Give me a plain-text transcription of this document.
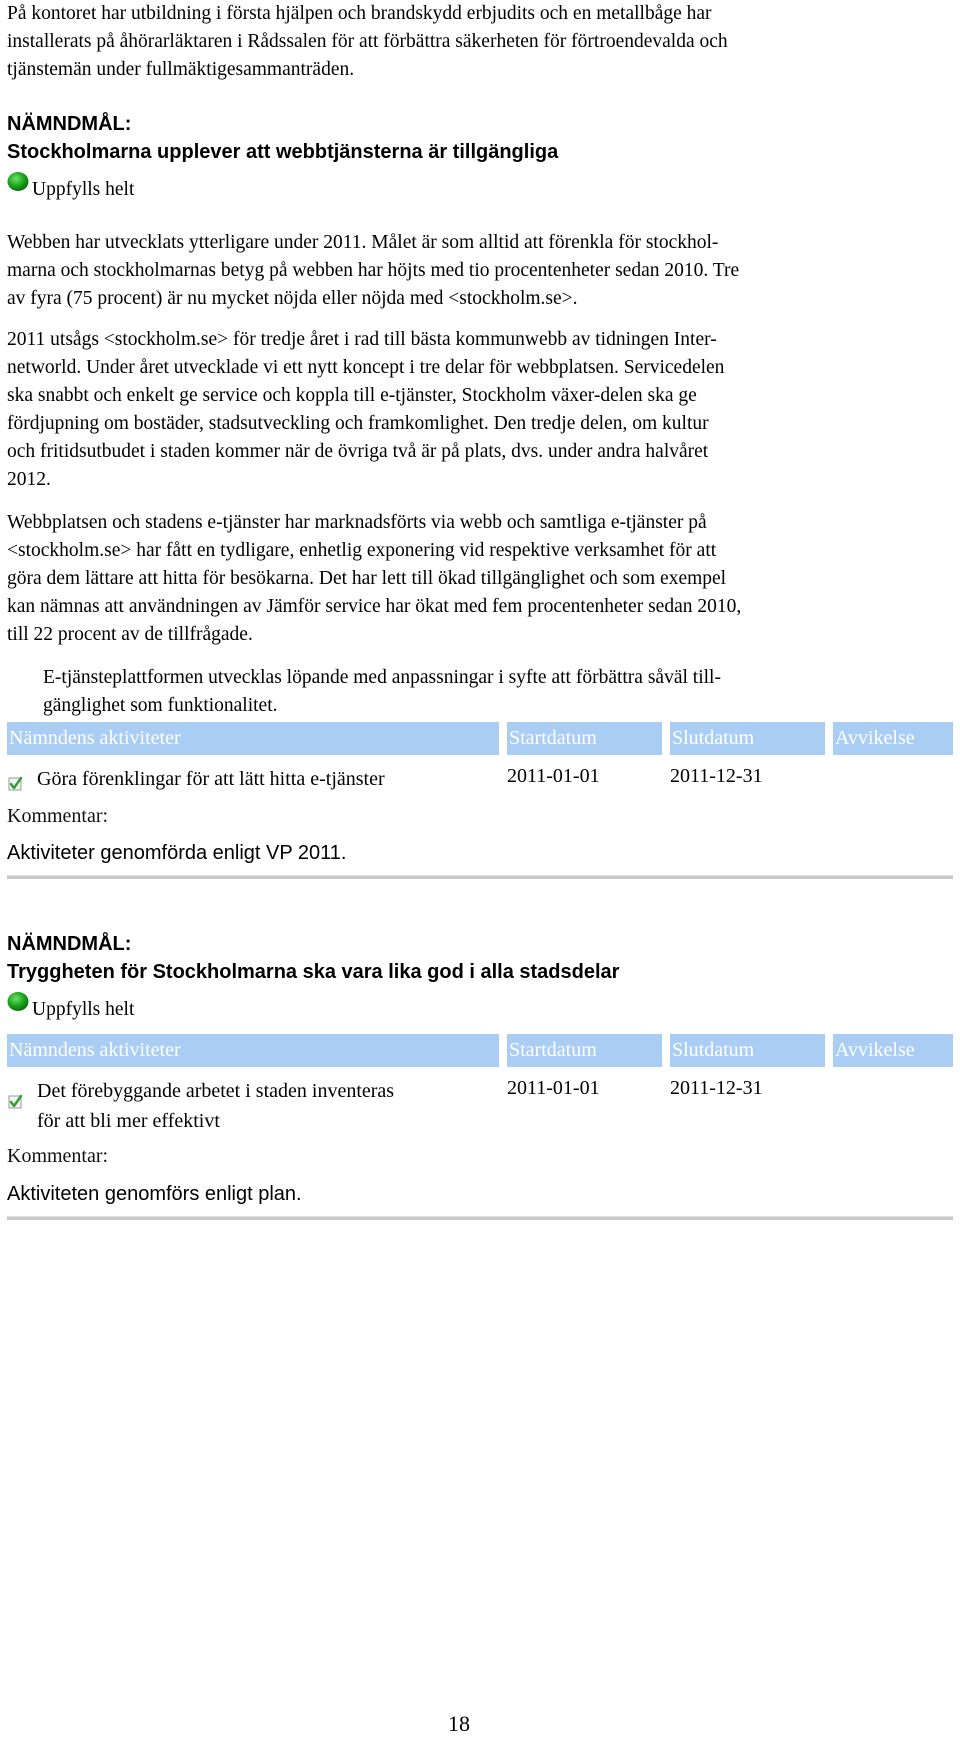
På kontoret har utbildning i första hjälpen och brandskydd erbjudits och en metallbåge har

installerats på åhörarläktaren i Rådssalen för att förbättra säkerheten för förtroendevalda och

tjänstemän under fullmäktigesammanträden.

NÄMNDMÅL:
Stockholmarna upplever att webbtjänsterna är tillgängliga
Uppfylls helt

Webben har utvecklats ytterligare under 2011. Målet är som alltid att förenkla för stockhol-

marna och stockholmarnas betyg på webben har höjts med tio procentenheter sedan 2010. Tre

av fyra (75 procent) är nu mycket nöjda eller nöjda med <stockholm.se>.

2011 utsågs <stockholm.se> för tredje året i rad till bästa kommunwebb av tidningen Inter-

networld. Under året utvecklade vi ett nytt koncept i tre delar för webbplatsen. Servicedelen

ska snabbt och enkelt ge service och koppla till e-tjänster, Stockholm växer-delen ska ge

fördjupning om bostäder, stadsutveckling och framkomlighet. Den tredje delen, om kultur

och fritidsutbudet i staden kommer när de övriga två är på plats, dvs. under andra halvåret

2012.

Webbplatsen och stadens e-tjänster har marknadsförts via webb och samtliga e-tjänster på

<stockholm.se> har fått en tydligare, enhetlig exponering vid respektive verksamhet för att

göra dem lättare att hitta för besökarna. Det har lett till ökad tillgänglighet och som exempel

kan nämnas att användningen av Jämför service har ökat med fem procentenheter sedan 2010,

till 22 procent av de tillfrågade.

E-tjänsteplattformen utvecklas löpande med anpassningar i syfte att förbättra såväl till-

gänglighet som funktionalitet.

Nämndens aktiviteter	Startdatum	Slutdatum	Avvikelse
Göra förenklingar för att lätt hitta e-tjänster	2011-01-01	2011-12-31
Kommentar:
Aktiviteter genomförda enligt VP 2011.
NÄMNDMÅL:
Tryggheten för Stockholmarna ska vara lika god i alla stadsdelar
Uppfylls helt
Nämndens aktiviteter	Startdatum	Slutdatum	Avvikelse
Det förebyggande arbetet i staden inventeras
för att bli mer effektivt
2011-01-01	2011-12-31
Kommentar:
Aktiviteten genomförs enligt plan.
18
